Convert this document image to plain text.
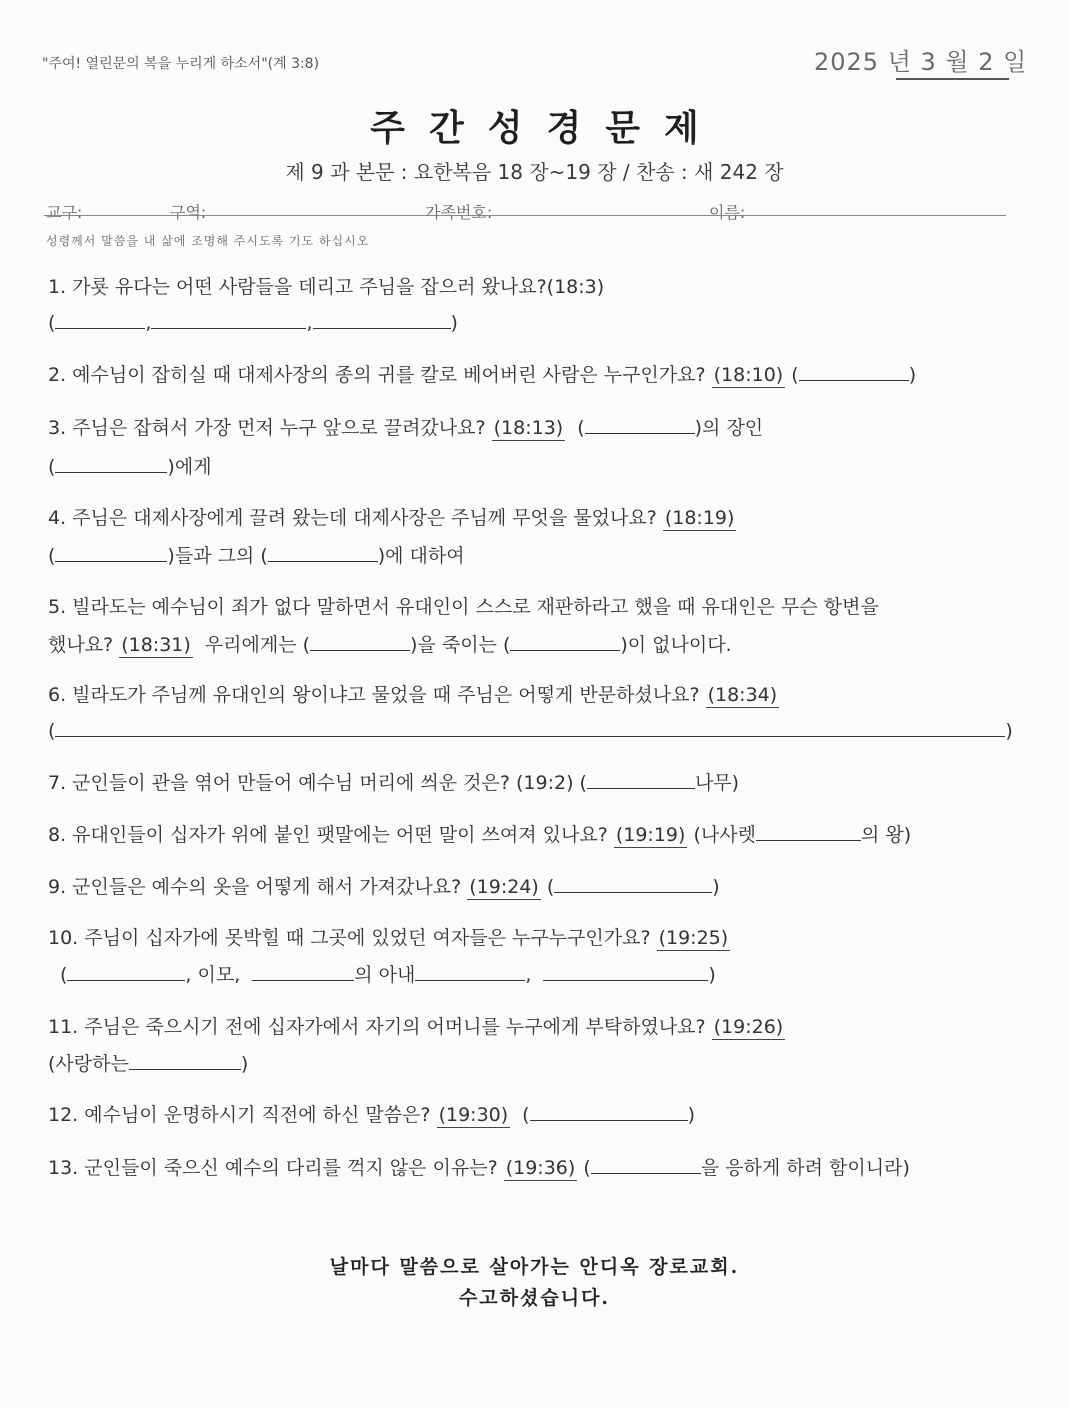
"주여! 열린문의 복을 누리게 하소서"(계 3:8)	2025 년 3 월 2 일
주간성경문제
제 9 과 본문 : 요한복음 18 장~19 장 / 찬송 : 새 242 장
교구:	구역:	가족번호:	이름:
성령께서 말씀을 내 삶에 조명해 주시도록 기도 하십시오
1. 가룟 유다는 어떤 사람들을 데리고 주님을 잡으러 왔나요?(18:3)
(	,	,	)
2. 예수님이 잡히실 때 대제사장의 종의 귀를 칼로 베어버린 사람은 누구인가요? (18:10) (	)
3. 주님은 잡혀서 가장 먼저 누구 앞으로 끌려갔나요? (18:13) (	)의 장인
(	)에게
4. 주님은 대제사장에게 끌려 왔는데 대제사장은 주님께 무엇을 물었나요? (18:19)
(	)들과 그의 (	)에 대하여
5. 빌라도는 예수님이 죄가 없다 말하면서 유대인이 스스로 재판하라고 했을 때 유대인은 무슨 항변을
했나요? (18:31) 우리에게는 (	)을 죽이는 (	)이 없나이다.
6. 빌라도가 주님께 유대인의 왕이냐고 물었을 때 주님은 어떻게 반문하셨나요? (18:34)
(	)
7. 군인들이 관을 엮어 만들어 예수님 머리에 씌운 것은? (19:2) (	나무)
8. 유대인들이 십자가 위에 붙인 팻말에는 어떤 말이 쓰여져 있나요? (19:19) (나사렛	의 왕)
9. 군인들은 예수의 옷을 어떻게 해서 가져갔나요? (19:24) (	)
10. 주님이 십자가에 못박힐 때 그곳에 있었던 여자들은 누구누구인가요? (19:25)
(	, 이모,	의 아내	,	)
11. 주님은 죽으시기 전에 십자가에서 자기의 어머니를 누구에게 부탁하였나요? (19:26)
(사랑하는	)
12. 예수님이 운명하시기 직전에 하신 말씀은? (19:30) (	)
13. 군인들이 죽으신 예수의 다리를 꺽지 않은 이유는? (19:36) (	을 응하게 하려 함이니라)
날마다 말씀으로 살아가는 안디옥 장로교회.
수고하셨습니다.
